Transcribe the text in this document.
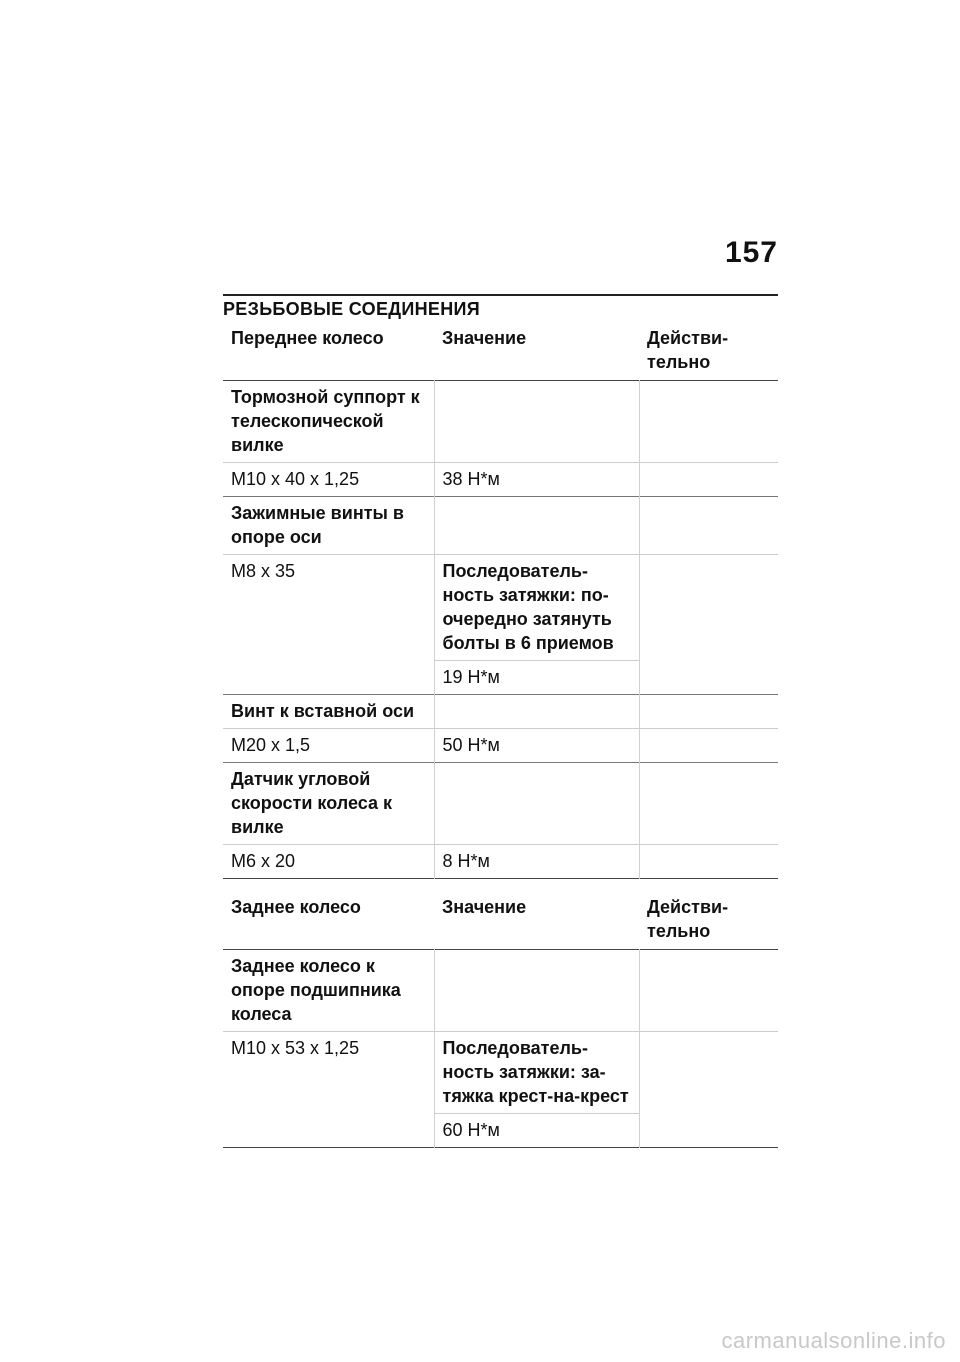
157
РЕЗЬБОВЫЕ СОЕДИНЕНИЯ
Переднее колесо	Значение	Действи-тельно
Тормозной суппорт к телескопической вилке		
M10 x 40 x 1,25	38 Н*м	
Зажимные винты в опоре оси		
M8 x 35	Последователь-ность затяжки: по-очередно затянуть болты в 6 приемов	
	19 Н*м	
Винт к вставной оси		
M20 x 1,5	50 Н*м	
Датчик угловой скорости колеса к вилке		
M6 x 20	8 Н*м	
Заднее колесо	Значение	Действи-тельно
Заднее колесо к опоре подшипника колеса		
M10 x 53 x 1,25	Последователь-ность затяжки: за-тяжка крест-на-крест	
	60 Н*м	
carmanualsonline.info
